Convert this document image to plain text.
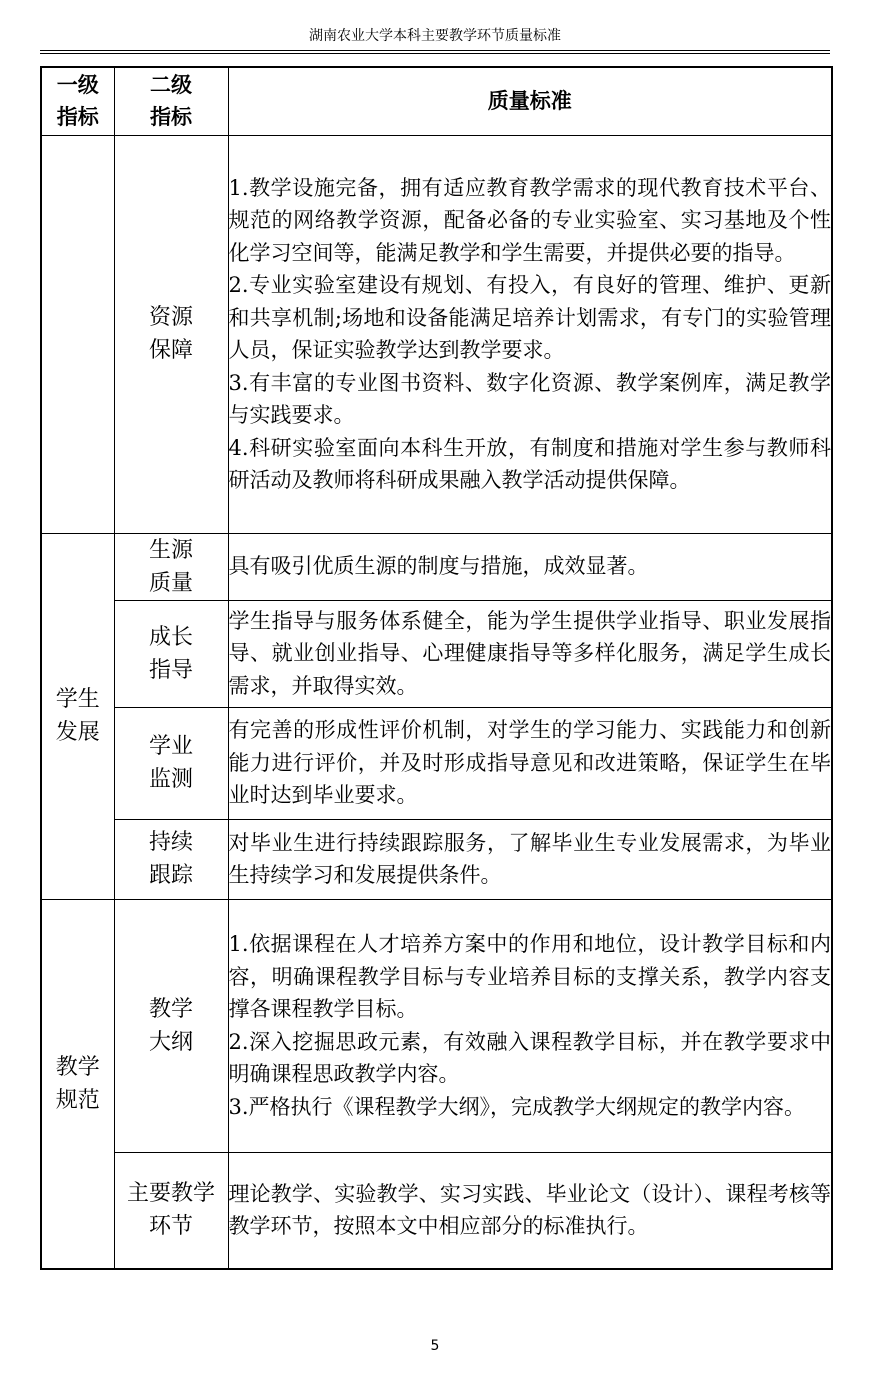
湖南农业大学本科主要教学环节质量标准
一级指标	二级指标	质量标准

	资源保障	1.教学设施完备，拥有适应教育教学需求的现代教育技术平台、规范的网络教学资源，配备必备的专业实验室、实习基地及个性化学习空间等，能满足教学和学生需要，并提供必要的指导。

2.专业实验室建设有规划、有投入，有良好的管理、维护、更新和共享机制;场地和设备能满足培养计划需求，有专门的实验管理人员，保证实验教学达到教学要求。

3.有丰富的专业图书资料、数字化资源、教学案例库，满足教学与实践要求。

4.科研实验室面向本科生开放，有制度和措施对学生参与教师科研活动及教师将科研成果融入教学活动提供保障。

学生发展	生源质量	具有吸引优质生源的制度与措施，成效显著。

	成长指导	学生指导与服务体系健全，能为学生提供学业指导、职业发展指导、就业创业指导、心理健康指导等多样化服务，满足学生成长需求，并取得实效。

	学业监测	有完善的形成性评价机制，对学生的学习能力、实践能力和创新能力进行评价，并及时形成指导意见和改进策略，保证学生在毕业时达到毕业要求。

	持续跟踪	对毕业生进行持续跟踪服务，了解毕业生专业发展需求，为毕业生持续学习和发展提供条件。

教学规范	教学大纲	1.依据课程在人才培养方案中的作用和地位，设计教学目标和内容，明确课程教学目标与专业培养目标的支撑关系，教学内容支撑各课程教学目标。

2.深入挖掘思政元素，有效融入课程教学目标，并在教学要求中明确课程思政教学内容。

3.严格执行《课程教学大纲》，完成教学大纲规定的教学内容。

	主要教学环节	理论教学、实验教学、实习实践、毕业论文（设计）、课程考核等教学环节，按照本文中相应部分的标准执行。

5
